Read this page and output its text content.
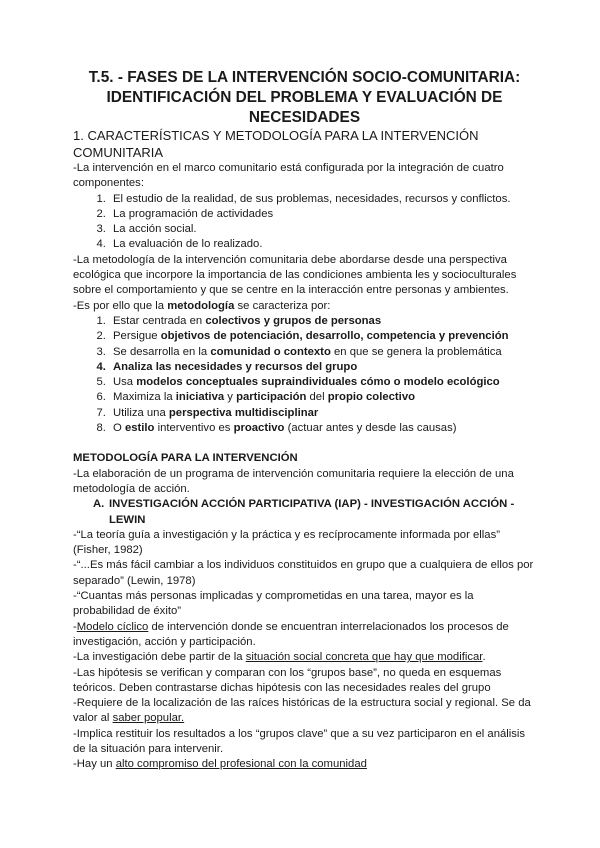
T.5. - FASES DE LA INTERVENCIÓN SOCIO-COMUNITARIA: IDENTIFICACIÓN DEL PROBLEMA Y EVALUACIÓN DE NECESIDADES
1. CARACTERÍSTICAS Y METODOLOGÍA PARA LA INTERVENCIÓN COMUNITARIA

-La intervención en el marco comunitario está configurada por la integración de cuatro componentes:

1. El estudio de la realidad, de sus problemas, necesidades, recursos y conflictos.
2. La programación de actividades
3. La acción social.
4. La evaluación de lo realizado.

-La metodología de la intervención comunitaria debe abordarse desde una perspectiva ecológica que incorpore la importancia de las condiciones ambienta les y socioculturales sobre el comportamiento y que se centre en la interacción entre personas y ambientes.

-Es por ello que la metodología se caracteriza por:

1. Estar centrada en colectivos y grupos de personas
2. Persigue objetivos de potenciación, desarrollo, competencia y prevención
3. Se desarrolla en la comunidad o contexto en que se genera la problemática
4. Analiza las necesidades y recursos del grupo
5. Usa modelos conceptuales supraindividuales cómo o modelo ecológico
6. Maximiza la iniciativa y participación del propio colectivo
7. Utiliza una perspectiva multidisciplinar
8. O estilo interventivo es proactivo (actuar antes y desde las causas)

METODOLOGÍA PARA LA INTERVENCIÓN

-La elaboración de un programa de intervención comunitaria requiere la elección de una metodología de acción.

A. INVESTIGACIÓN ACCIÓN PARTICIPATIVA (IAP) - INVESTIGACIÓN ACCIÓN - LEWIN

-“La teoría guía a investigación y la práctica y es recíprocamente informada por ellas” (Fisher, 1982)

-“...Es más fácil cambiar a los individuos constituidos en grupo que a cualquiera de ellos por separado” (Lewin, 1978)

-“Cuantas más personas implicadas y comprometidas en una tarea, mayor es la probabilidad de éxito”

-Modelo cíclico de intervención donde se encuentran interrelacionados los procesos de investigación, acción y participación.

-La investigación debe partir de la situación social concreta que hay que modificar.

-Las hipótesis se verifican y comparan con los “grupos base”, no queda en esquemas teóricos. Deben contrastarse dichas hipótesis con las necesidades reales del grupo

-Requiere de la localización de las raíces históricas de la estructura social y regional. Se da valor al saber popular.

-Implica restituir los resultados a los “grupos clave” que a su vez participaron en el análisis de la situación para intervenir.

-Hay un alto compromiso del profesional con la comunidad
